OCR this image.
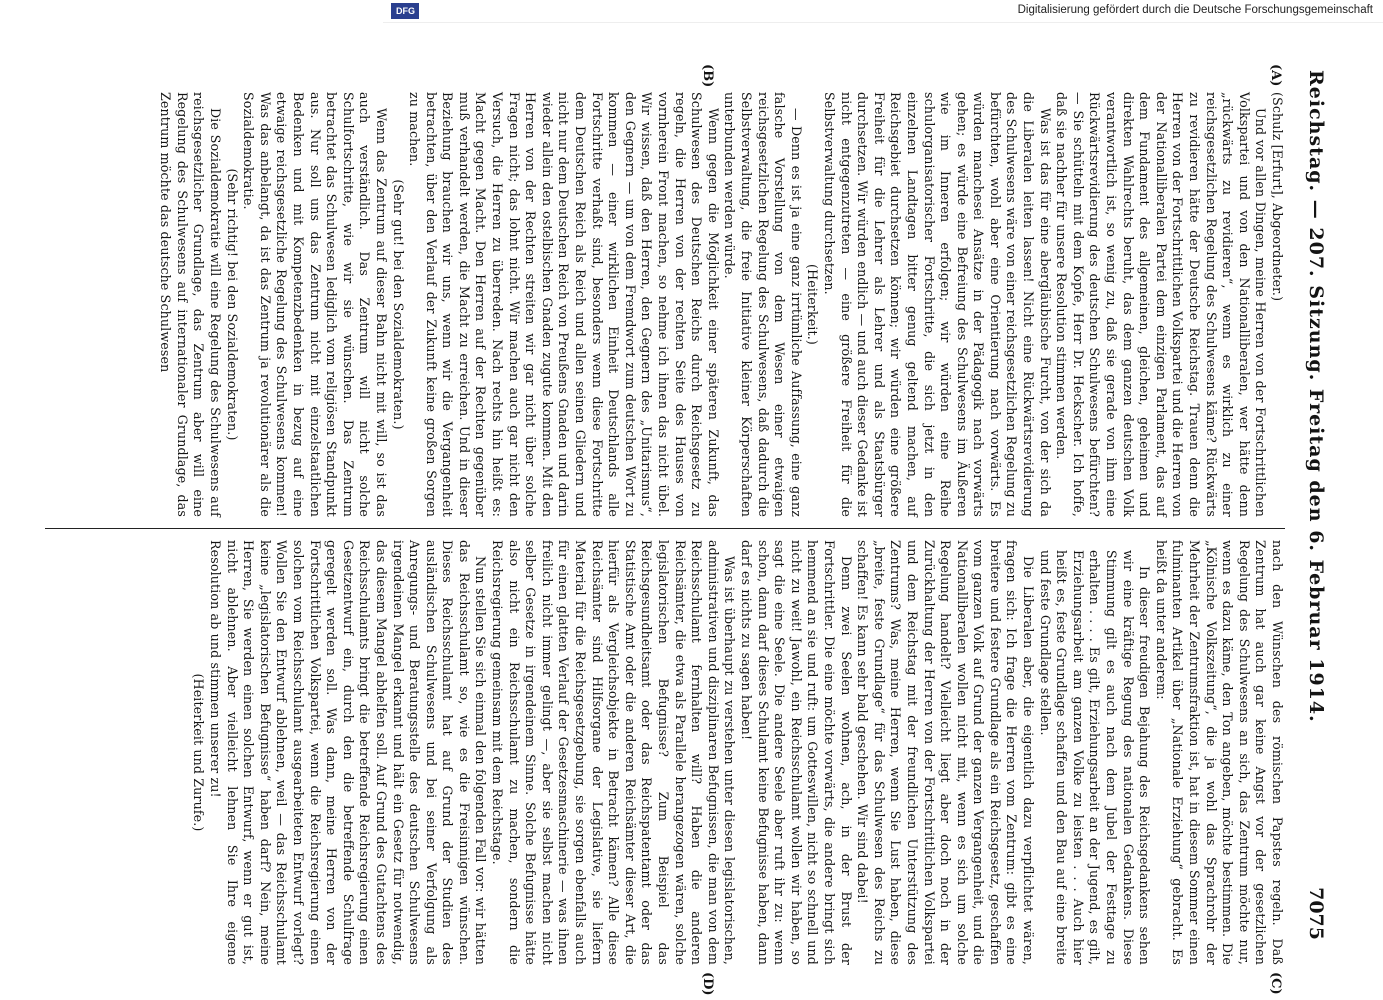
Digitalisierung gefördert durch die Deutsche Forschungsgemeinschaft
DFG
Reichstag. — 207. Sitzung. Freitag den 6. Februar 1914.
7075
(A)
(B)
(C)
(D)

(Schulz [Erfurt], Abgeordneter.)

Und vor allen Dingen, meine Herren von der Fortschrittlichen Volkspartei und von den Nationalliberalen, wer hätte denn „rückwärts zu revidieren“, wenn es wirklich zu einer reichsgesetzlichen Regelung des Schulwesens käme? Rückwärts zu revidieren hätte der Deutsche Reichstag. Trauen denn die Herren von der Fortschrittlichen Volkspartei und die Herren von der Nationalliberalen Partei dem einzigen Parlament, das auf dem Fundament des allgemeinen, gleichen, geheimen und direkten Wahlrechts beruht, das dem ganzen deutschen Volk verantwortlich ist, so wenig zu, daß sie gerade von ihm eine Rückwärtsrevidierung des deutschen Schulwesens befürchten? — Sie schütteln mit dem Kopfe, Herr Dr. Heckscher. Ich hoffe, daß sie nachher für unsere Resolution stimmen werden.

Was ist das für eine abergläubische Furcht, von der sich da die Liberalen leiten lassen! Nicht eine Rückwärtsrevidierung des Schulwesens wäre von einer reichsgesetzlichen Regelung zu befürchten, wohl aber eine Orientierung nach vorwärts. Es würden manchesei Ansätze in der Pädagogik nach vorwärts gehen; es würde eine Befreiung des Schulwesens im Äußeren wie im Inneren erfolgen; wir würden eine Reihe schulorganisatorischer Fortschritte, die sich jetzt in den einzelnen Landtagen bitter genug geltend machen, auf Reichsgebiet durchsetzen können; wir würden eine größere Freiheit für die Lehrer als Lehrer und als Staatsbürger durchsetzen. Wir würden endlich — und auch dieser Gedanke ist nicht entgegenzutreten — eine größere Freiheit für die Selbstverwaltung durchsetzen.

(Heiterkeit.)

— Denn es ist ja eine ganz irrtümliche Auffassung, eine ganz falsche Vorstellung von dem Wesen einer etwaigen reichsgesetzlichen Regelung des Schulwesens, daß dadurch die Selbstverwaltung, die freie Initiative kleiner Körperschaften unterbunden werden würde.

Wenn gegen die Möglichkeit einer späteren Zukunft, das Schulwesen des Deutschen Reichs durch Reichsgesetz zu regeln, die Herren von der rechten Seite des Hauses von vornherein Front machen, so nehme ich ihnen das nicht übel. Wir wissen, daß den Herren, den Gegnern des „Unitarismus“, den Gegnern — um von dem Fremdwort zum deutschen Wort zu kommen — einer wirklichen Einheit Deutschlands alle Fortschritte verhaßt sind, besonders wenn diese Fortschritte dem Deutschen Reich als Reich und allen seinen Gliedern und nicht nur dem Deutschen Reich von Preußens Gnaden und darin wieder allein den ostelbischen Gnaden zugute kommen. Mit den Herren von der Rechten streiten wir gar nicht über solche Fragen nicht; das lohnt nicht. Wir machen auch gar nicht den Versuch, die Herren zu überreden. Nach rechts hin heißt es: Macht gegen Macht. Den Herren auf der Rechten gegenüber muß verhandelt werden, die Macht zu erreichen. Und in dieser Beziehung brauchen wir uns, wenn wir die Vergangenheit betrachten, über den Verlauf der Zukunft keine großen Sorgen zu machen.

(Sehr gut! bei den Sozialdemokraten.)

Wenn das Zentrum auf dieser Bahn nicht mit will, so ist das auch verständlich. Das Zentrum will nicht solche Schulfortschritte, wie wir sie wünschen. Das Zentrum betrachtet das Schulwesen lediglich vom religiösen Standpunkt aus. Nur soll uns das Zentrum nicht mit einzelstaatlichen Bedenken und mit Kompetenzbedenken in bezug auf eine etwaige reichsgesetzliche Regelung des Schulwesens kommen! Was das anbelangt, da ist das Zentrum ja revolutionärer als die Sozialdemokratie.

(Sehr richtig! bei den Sozialdemokraten.)

Die Sozialdemokratie will eine Regelung des Schulwesens auf reichsgesetzlicher Grundlage, das Zentrum aber will eine Regelung des Schulwesens auf internationaler Grundlage, das Zentrum möchte das deutsche Schulwesen

nach den Wünschen des römischen Papstes regeln. Daß Zentrum hat auch gar keine Angst vor der gesetzlichen Regelung des Schulwesens an sich, das Zentrum möchte nur, wenn es dazu käme, den Ton angeben, möchte bestimmen. Die „Kölnische Volkszeitung“, die ja wohl das Sprachrohr der Mehrheit der Zentrumsfraktion ist, hat in diesem Sommer einen fulminanten Artikel über „Nationale Erziehung“ gebracht. Es heißt da unter anderem:

In dieser freudigen Bejahung des Reichsgedankens sehen wir eine kräftige Regung des nationalen Gedankens. Diese Stimmung gilt es auch nach dem Jubel der Festtage zu erhalten . . . . Es gilt, Erziehungsarbeit an der Jugend, es gilt, Erziehungsarbeit am ganzen Volke zu leisten . . . Auch hier heißt es, feste Grundlage schaffen und den Bau auf eine breite und feste Grundlage stellen.

Die Liberalen aber, die eigentlich dazu verpflichtet wären, fragen sich: Ich frage die Herren vom Zentrum: gibt es eine breitere und festere Grundlage als ein Reichsgesetz, geschaffen vom ganzen Volk auf Grund der ganzen Vergangenheit, und die Nationalliberalen wollen nicht mit, wenn es sich um solche Regelung handelt? Vielleicht liegt aber doch noch in der Zurückhaltung der Herren von der Fortschrittlichen Volkspartei und dem Reichstag mit der freundlichen Unterstützung des Zentrums? Was, meine Herren, wenn Sie Lust haben, diese „breite, feste Grundlage“ für das Schulwesen des Reichs zu schaffen! Es kann sehr bald geschehen. Wir sind dabei!

Denn zwei Seelen wohnen, ach, in der Brust der Fortschrittler. Die eine möchte vorwärts, die andere bringt sich hemmend an sie und ruft: um Gotteswillen, nicht so schnell und nicht zu weit! Jawohl, ein Reichsschulamt wollen wir haben, so sagt die eine Seele. Die andere Seele aber ruft ihr zu: wenn schon, dann darf dieses Schulamt keine Befugnisse haben, dann darf es nichts zu sagen haben!

Was ist überhaupt zu verstehen unter diesen legislatorischen, administrativen und disziplinaren Befugnissen, die man von dem Reichsschulamt fernhalten will? Haben die anderen Reichsämter, die etwa als Parallele herangezogen wären, solche legislatorischen Befugnisse? Zum Beispiel das Reichsgesundheitsamt oder das Reichspatentamt oder das Statistische Amt oder die anderen Reichsämter dieser Art, die hierfür als Vergleichsobjekte in Betracht kämen? Alle diese Reichsämter sind Hilfsorgane der Legislative, sie liefern Material für die Reichsgesetzgebung, sie sorgen ebenfalls auch für einen glatten Verlauf der Gesetzesmaschinerie — was ihnen freilich nicht immer gelingt —, aber sie selbst machen nicht selber Gesetze in irgendeinem Sinne. Solche Befugnisse hätte also nicht ein Reichsschulamt zu machen, sondern die Reichsregierung gemeinsam mit dem Reichstage.

Nun stellen Sie sich einmal den folgenden Fall vor: wir hätten das Reichsschulamt so, wie es die Freisinnigen wünschen. Dieses Reichsschulamt hat auf Grund der Studien des ausländischen Schulwesens und bei seiner Verfolgung als Anregungs- und Beratungsstelle des deutschen Schulwesens irgendeinen Mangel erkannt und hält ein Gesetz für notwendig, das diesem Mangel abhelfen soll. Auf Grund des Gutachtens des Reichsschulamts bringt die betreffende Reichsregierung einen Gesetzentwurf ein, durch den die betreffende Schulfrage geregelt werden soll. Was dann, meine Herren von der Fortschrittlichen Volkspartei, wenn die Reichsregierung einen solchen vom Reichsschulamt ausgearbeiteten Entwurf vorlegt? Wollen Sie den Entwurf ablehnen, weil — das Reichsschulamt keine „legislatorischen Befugnisse“ haben darf? Nein, meine Herren, Sie werden einen solchen Entwurf, wenn er gut ist, nicht ablehnen. Aber vielleicht lehnen Sie Ihre eigene Resolution ab und stimmen unserer zu!

(Heiterkeit und Zurufe.)
